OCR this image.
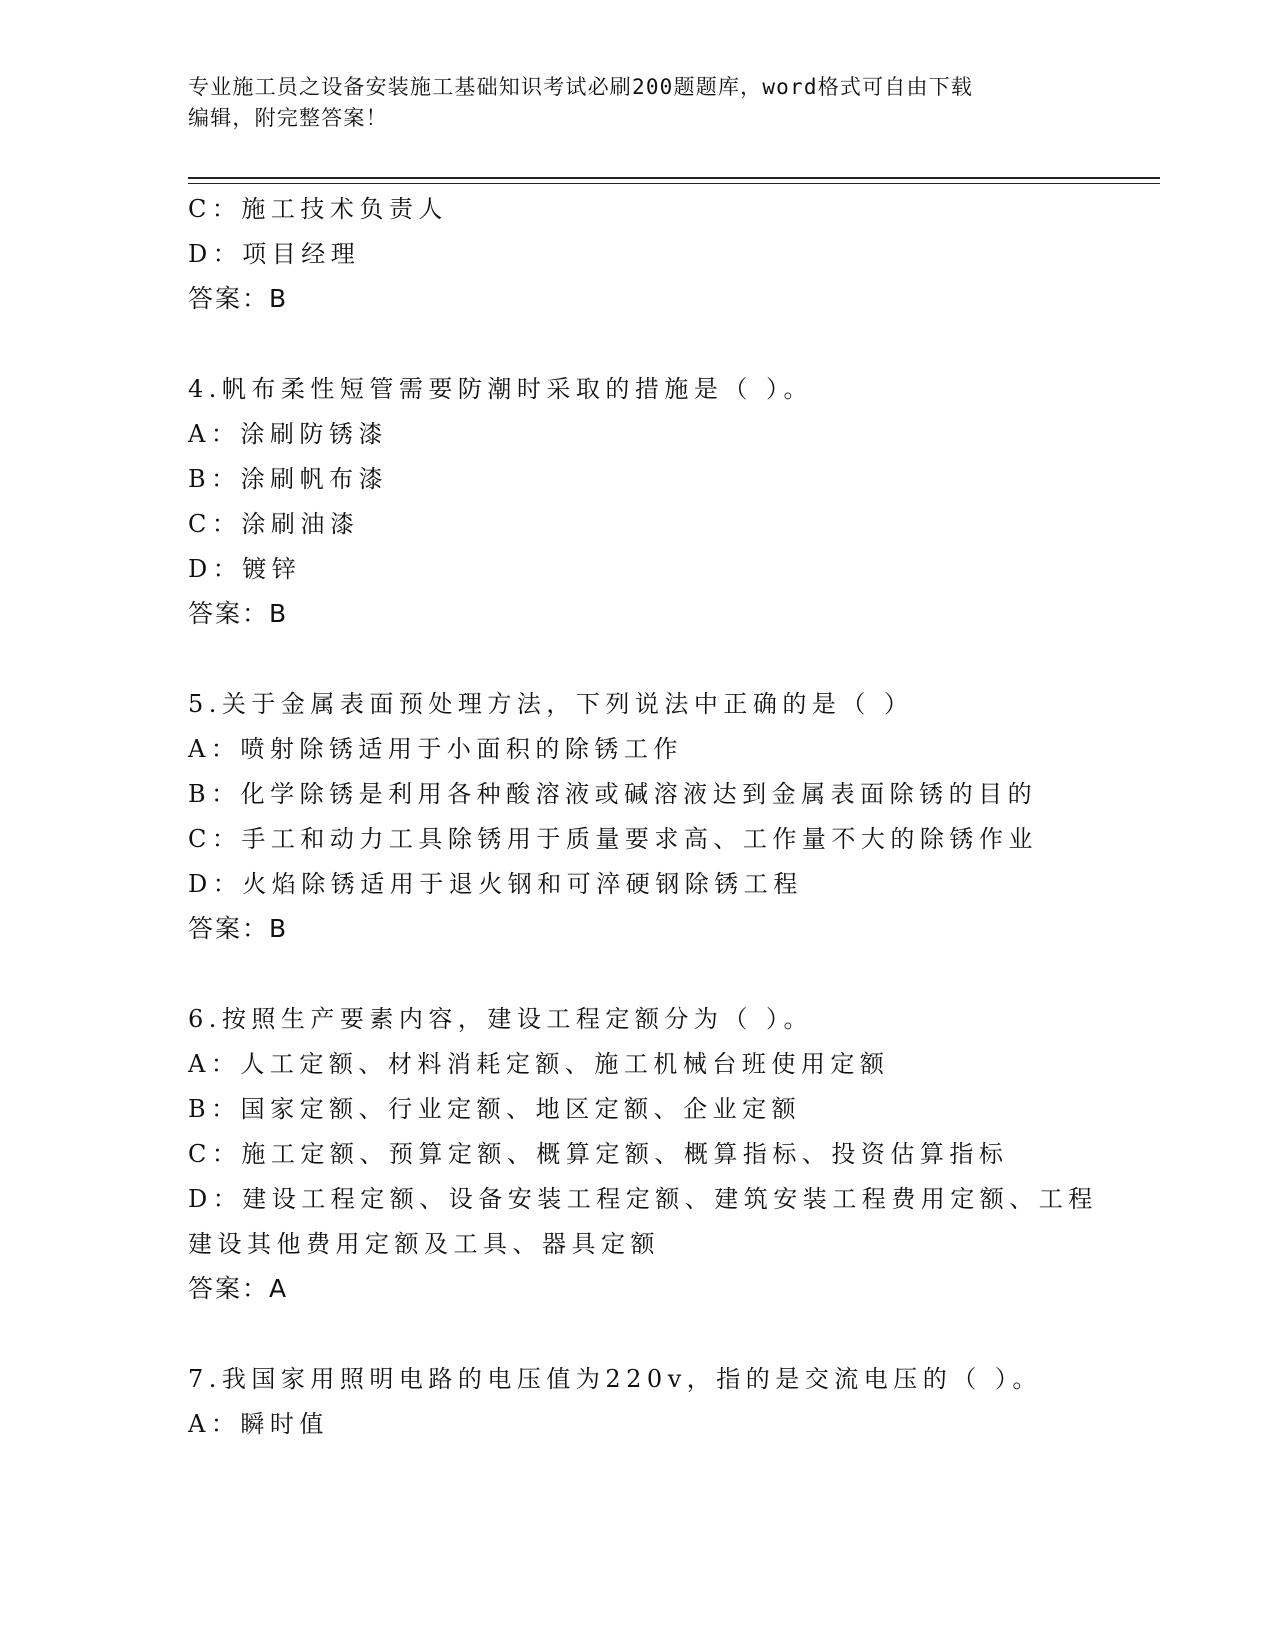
专业施工员之设备安装施工基础知识考试必刷200题题库，word格式可自由下载
编辑，附完整答案！
C：施工技术负责人
D：项目经理
答案：B
4.帆布柔性短管需要防潮时采取的措施是（ ）。
A：涂刷防锈漆
B：涂刷帆布漆
C：涂刷油漆
D：镀锌
答案：B
5.关于金属表面预处理方法，下列说法中正确的是（ ）
A：喷射除锈适用于小面积的除锈工作
B：化学除锈是利用各种酸溶液或碱溶液达到金属表面除锈的目的
C：手工和动力工具除锈用于质量要求高、工作量不大的除锈作业
D：火焰除锈适用于退火钢和可淬硬钢除锈工程
答案：B
6.按照生产要素内容，建设工程定额分为（ ）。
A：人工定额、材料消耗定额、施工机械台班使用定额
B：国家定额、行业定额、地区定额、企业定额
C：施工定额、预算定额、概算定额、概算指标、投资估算指标
D：建设工程定额、设备安装工程定额、建筑安装工程费用定额、工程
建设其他费用定额及工具、器具定额
答案：A
7.我国家用照明电路的电压值为220v，指的是交流电压的（ ）。
A：瞬时值
